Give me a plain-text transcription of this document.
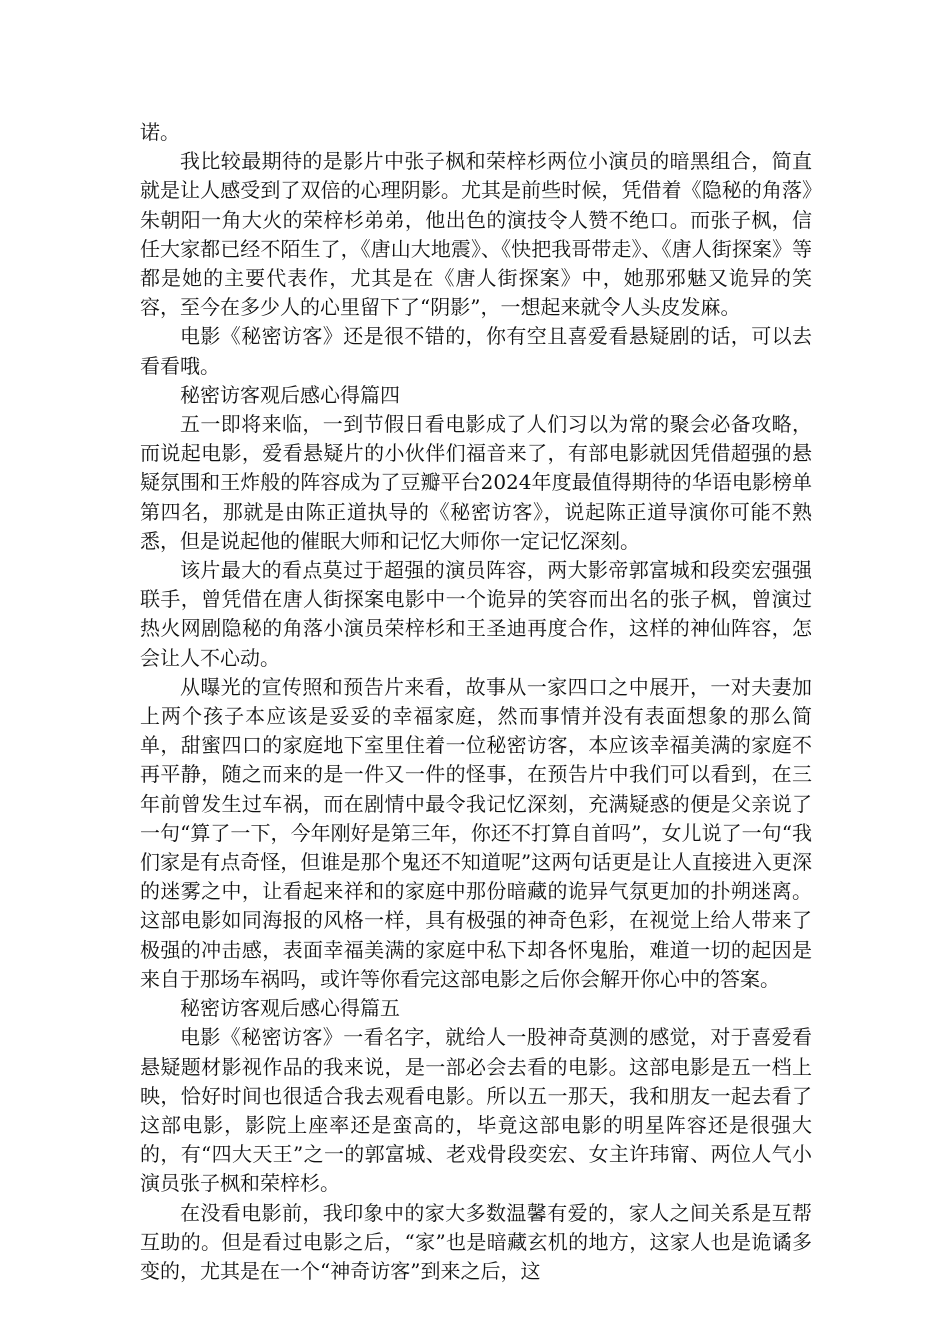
诺。

我比较最期待的是影片中张子枫和荣梓杉两位小演员的暗黑组合，简直就是让人感受到了双倍的心理阴影。尤其是前些时候，凭借着《隐秘的角落》朱朝阳一角大火的荣梓杉弟弟，他出色的演技令人赞不绝口。而张子枫，信任大家都已经不陌生了，《唐山大地震》、《快把我哥带走》、《唐人街探案》等都是她的主要代表作，尤其是在《唐人街探案》中，她那邪魅又诡异的笑容，至今在多少人的心里留下了“阴影”，一想起来就令人头皮发麻。

电影《秘密访客》还是很不错的，你有空且喜爱看悬疑剧的话，可以去看看哦。

秘密访客观后感心得篇四

五一即将来临，一到节假日看电影成了人们习以为常的聚会必备攻略，而说起电影，爱看悬疑片的小伙伴们福音来了，有部电影就因凭借超强的悬疑氛围和王炸般的阵容成为了豆瓣平台2024年度最值得期待的华语电影榜单第四名，那就是由陈正道执导的《秘密访客》，说起陈正道导演你可能不熟悉，但是说起他的催眠大师和记忆大师你一定记忆深刻。

该片最大的看点莫过于超强的演员阵容，两大影帝郭富城和段奕宏强强联手，曾凭借在唐人街探案电影中一个诡异的笑容而出名的张子枫，曾演过热火网剧隐秘的角落小演员荣梓杉和王圣迪再度合作，这样的神仙阵容，怎会让人不心动。

从曝光的宣传照和预告片来看，故事从一家四口之中展开，一对夫妻加上两个孩子本应该是妥妥的幸福家庭，然而事情并没有表面想象的那么简单，甜蜜四口的家庭地下室里住着一位秘密访客，本应该幸福美满的家庭不再平静，随之而来的是一件又一件的怪事，在预告片中我们可以看到，在三年前曾发生过车祸，而在剧情中最令我记忆深刻，充满疑惑的便是父亲说了一句“算了一下，今年刚好是第三年，你还不打算自首吗”，女儿说了一句“我们家是有点奇怪，但谁是那个鬼还不知道呢”这两句话更是让人直接进入更深的迷雾之中，让看起来祥和的家庭中那份暗藏的诡异气氛更加的扑朔迷离。这部电影如同海报的风格一样，具有极强的神奇色彩，在视觉上给人带来了极强的冲击感，表面幸福美满的家庭中私下却各怀鬼胎，难道一切的起因是来自于那场车祸吗，或许等你看完这部电影之后你会解开你心中的答案。

秘密访客观后感心得篇五

电影《秘密访客》一看名字，就给人一股神奇莫测的感觉，对于喜爱看悬疑题材影视作品的我来说，是一部必会去看的电影。这部电影是五一档上映，恰好时间也很适合我去观看电影。所以五一那天，我和朋友一起去看了这部电影，影院上座率还是蛮高的，毕竟这部电影的明星阵容还是很强大的，有“四大天王”之一的郭富城、老戏骨段奕宏、女主许玮甯、两位人气小演员张子枫和荣梓杉。

在没看电影前，我印象中的家大多数温馨有爱的，家人之间关系是互帮互助的。但是看过电影之后，“家”也是暗藏玄机的地方，这家人也是诡谲多变的，尤其是在一个“神奇访客”到来之后，这
